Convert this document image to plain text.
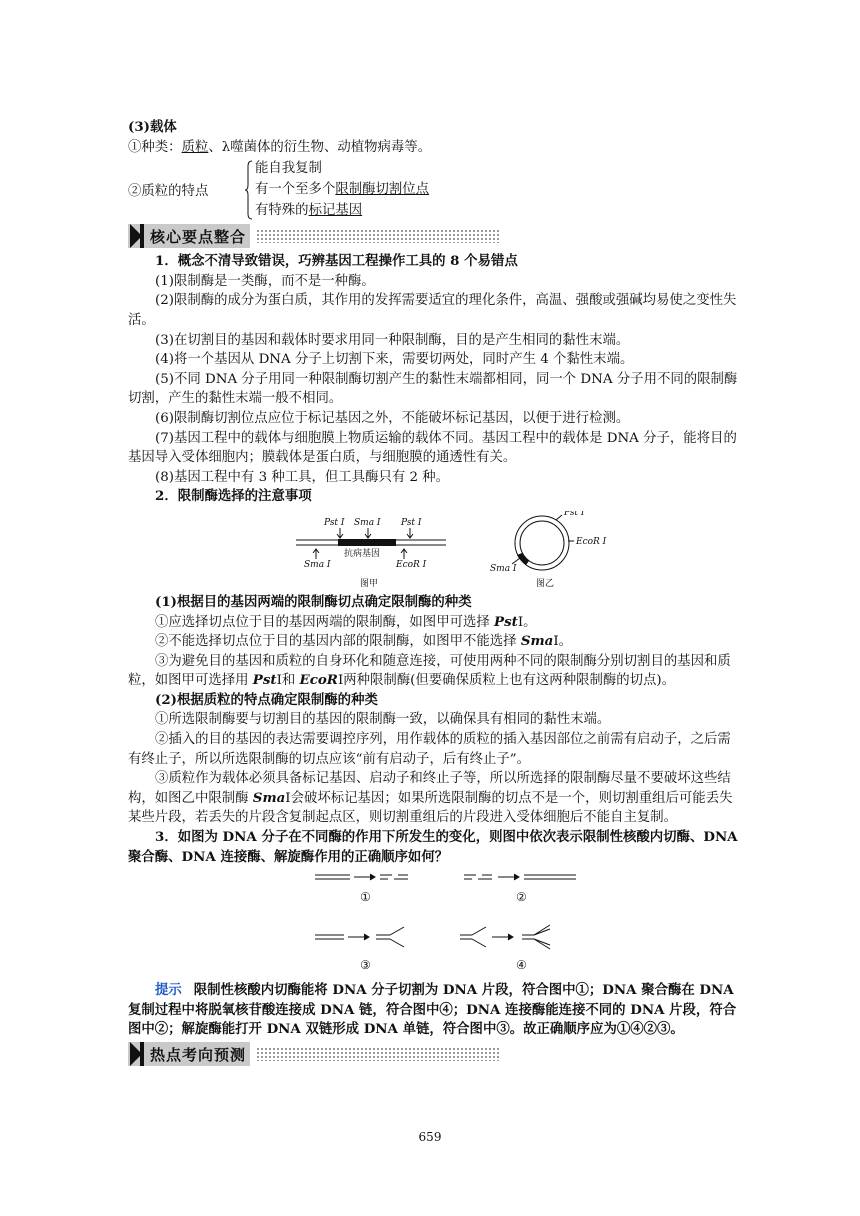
(3)载体
①种类：质粒、λ噬菌体的衍生物、动植物病毒等。
②质粒的特点
能自我复制
有一个至多个限制酶切割位点
有特殊的标记基因
核心要点整合
1．概念不清导致错误，巧辨基因工程操作工具的 8 个易错点
(1)限制酶是一类酶，而不是一种酶。
(2)限制酶的成分为蛋白质，其作用的发挥需要适宜的理化条件，高温、强酸或强碱均易使之变性失活。
(3)在切割目的基因和载体时要求用同一种限制酶，目的是产生相同的黏性末端。
(4)将一个基因从 DNA 分子上切割下来，需要切两处，同时产生 4 个黏性末端。
(5)不同 DNA 分子用同一种限制酶切割产生的黏性末端都相同，同一个 DNA 分子用不同的限制酶切割，产生的黏性末端一般不相同。
(6)限制酶切割位点应位于标记基因之外，不能破坏标记基因，以便于进行检测。
(7)基因工程中的载体与细胞膜上物质运输的载体不同。基因工程中的载体是 DNA 分子，能将目的基因导入受体细胞内；膜载体是蛋白质，与细胞膜的通透性有关。
(8)基因工程中有 3 种工具，但工具酶只有 2 种。
2．限制酶选择的注意事项
Pst Ⅰ Sma Ⅰ Pst Ⅰ
抗病基因
Sma Ⅰ	EcoR Ⅰ
图甲
Pst Ⅰ
EcoR Ⅰ
Sma Ⅰ
图乙
(1)根据目的基因两端的限制酶切点确定限制酶的种类
①应选择切点位于目的基因两端的限制酶，如图甲可选择 PstⅠ。
②不能选择切点位于目的基因内部的限制酶，如图甲不能选择 SmaⅠ。
③为避免目的基因和质粒的自身环化和随意连接，可使用两种不同的限制酶分别切割目的基因和质粒，如图甲可选择用 PstⅠ和 EcoRⅠ两种限制酶(但要确保质粒上也有这两种限制酶的切点)。
(2)根据质粒的特点确定限制酶的种类
①所选限制酶要与切割目的基因的限制酶一致，以确保具有相同的黏性末端。
②插入的目的基因的表达需要调控序列，用作载体的质粒的插入基因部位之前需有启动子，之后需有终止子，所以所选限制酶的切点应该“前有启动子，后有终止子”。
③质粒作为载体必须具备标记基因、启动子和终止子等，所以所选择的限制酶尽量不要破坏这些结构，如图乙中限制酶 SmaⅠ会破坏标记基因；如果所选限制酶的切点不是一个，则切割重组后可能丢失某些片段，若丢失的片段含复制起点区，则切割重组后的片段进入受体细胞后不能自主复制。
3．如图为 DNA 分子在不同酶的作用下所发生的变化，则图中依次表示限制性核酸内切酶、DNA 聚合酶、DNA 连接酶、解旋酶作用的正确顺序如何？
①	②
③	④
提示 限制性核酸内切酶能将 DNA 分子切割为 DNA 片段，符合图中①；DNA 聚合酶在 DNA 复制过程中将脱氧核苷酸连接成 DNA 链，符合图中④；DNA 连接酶能连接不同的 DNA 片段，符合图中②；解旋酶能打开 DNA 双链形成 DNA 单链，符合图中③。故正确顺序应为①④②③。
热点考向预测
659
